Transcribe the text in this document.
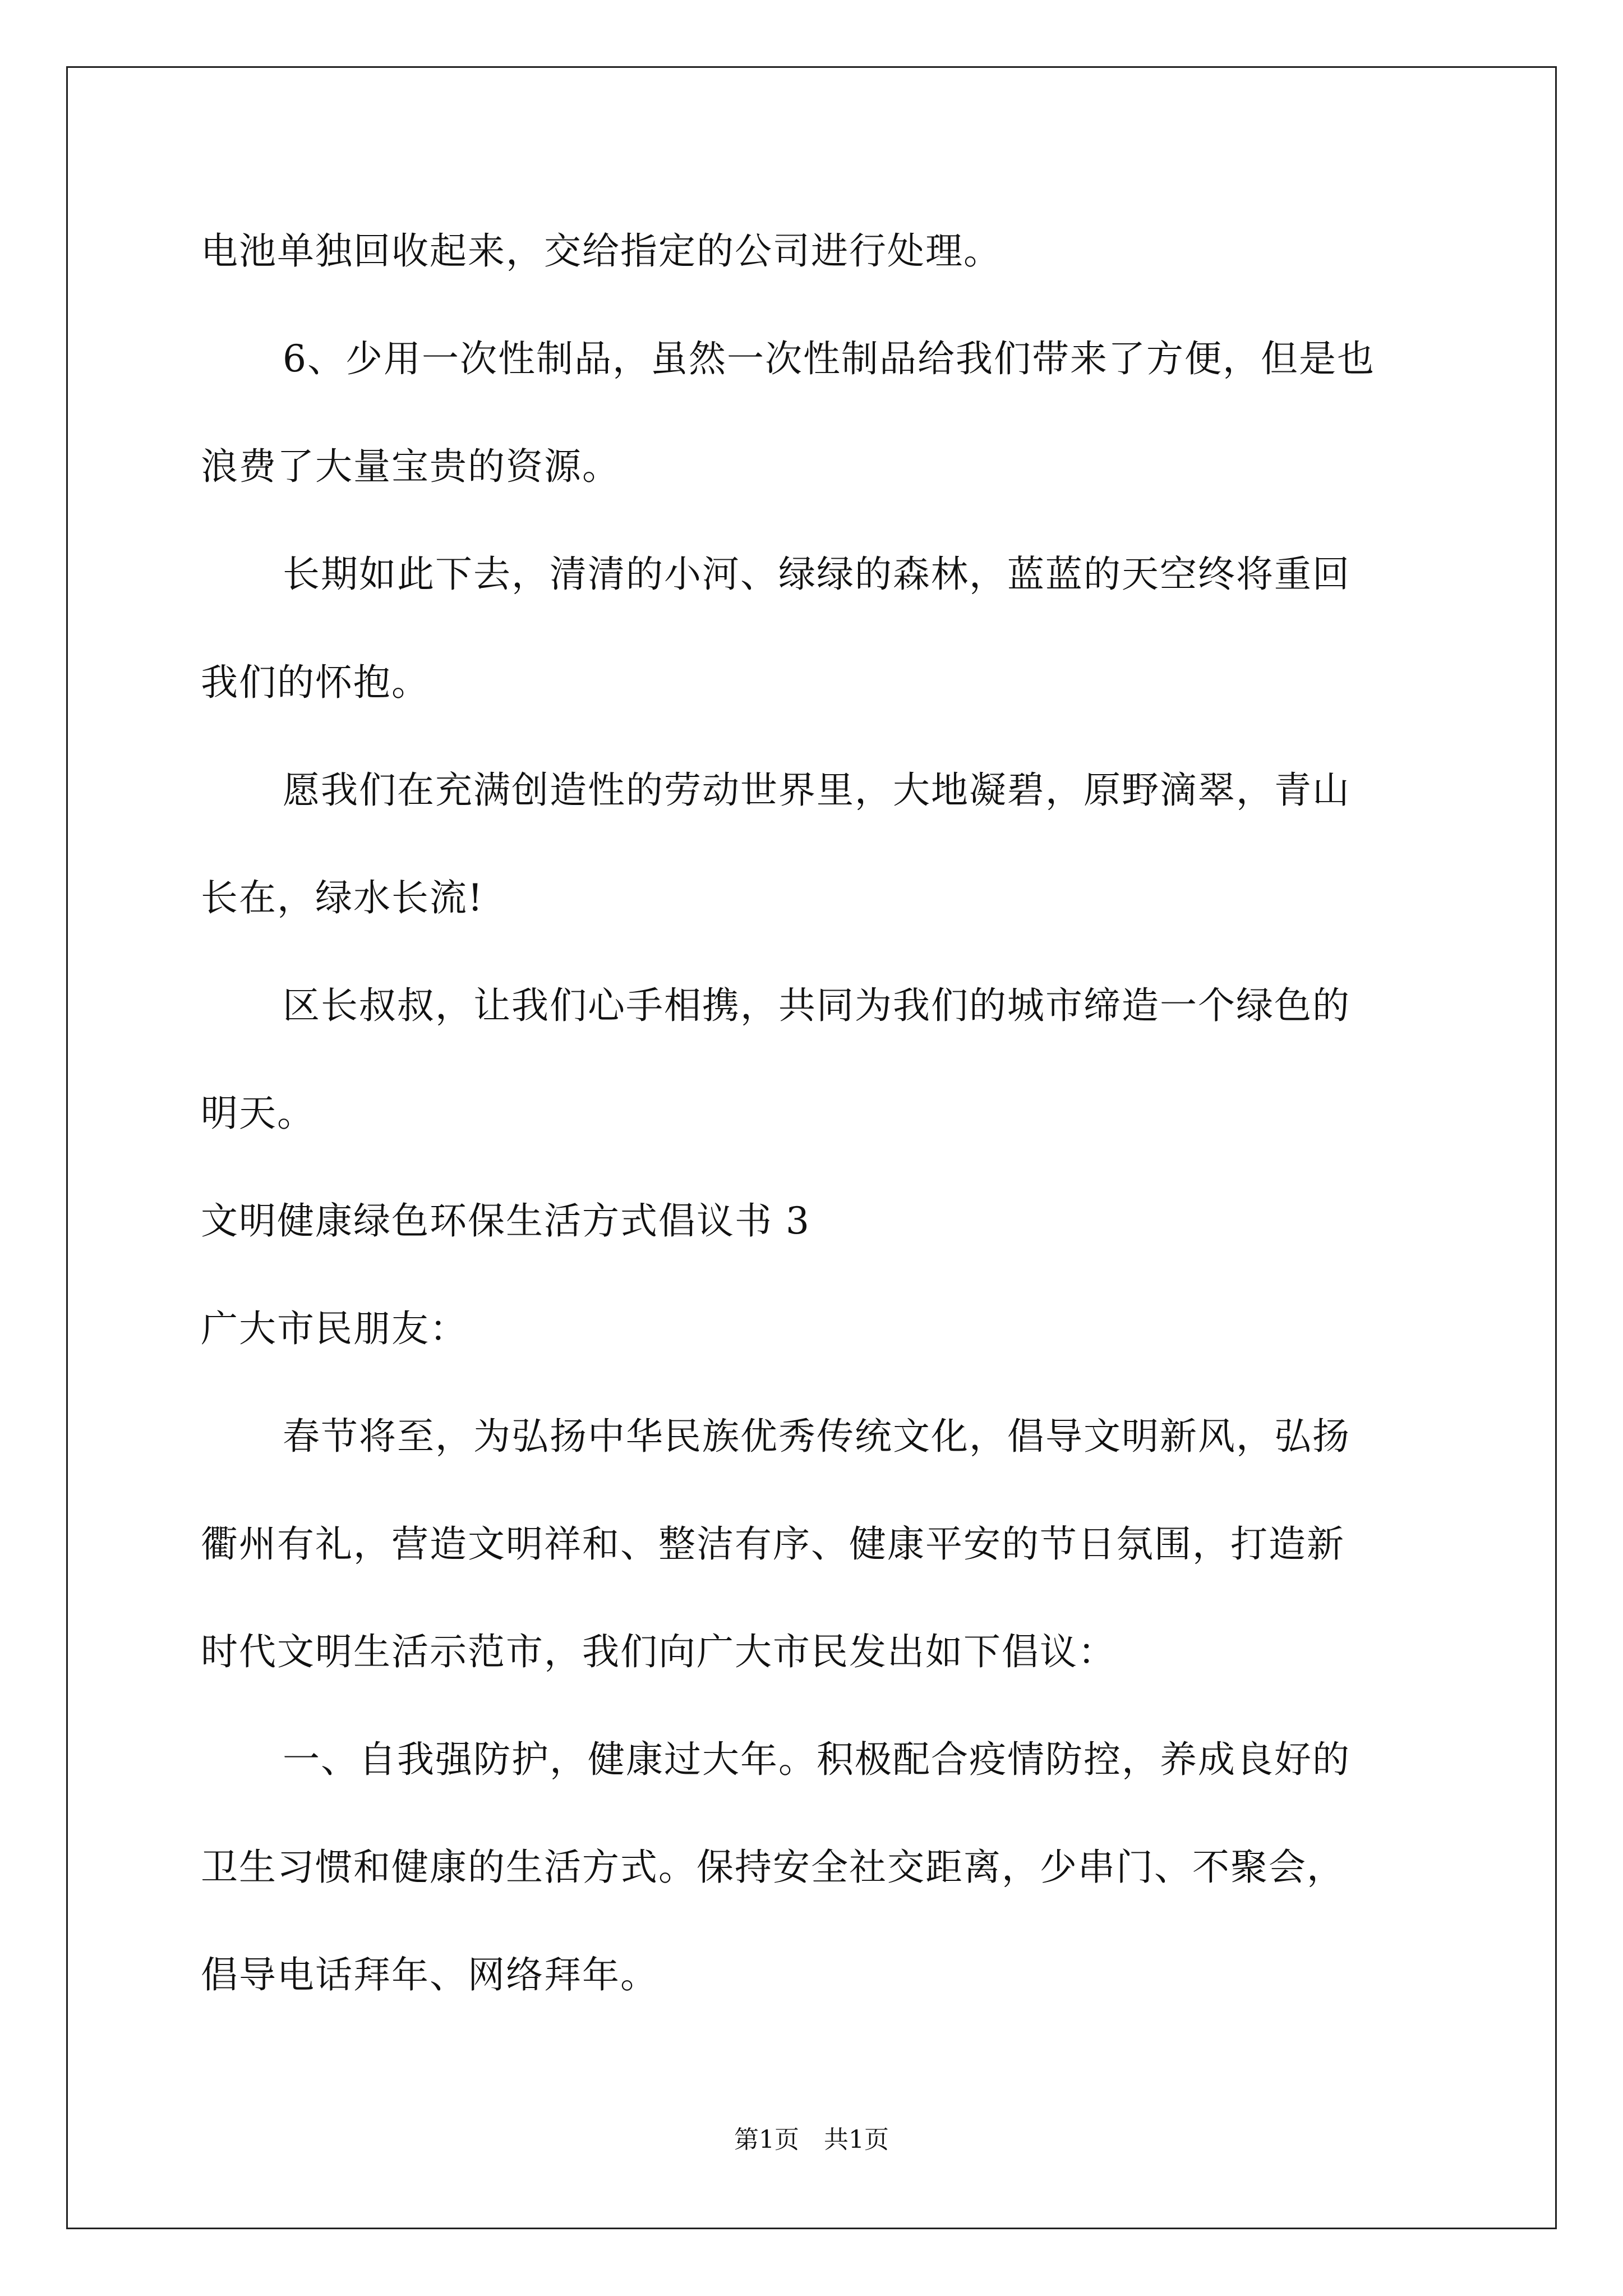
电池单独回收起来，交给指定的公司进行处理。
6、少用一次性制品，虽然一次性制品给我们带来了方便，但是也
浪费了大量宝贵的资源。
长期如此下去，清清的小河、绿绿的森林，蓝蓝的天空终将重回
我们的怀抱。
愿我们在充满创造性的劳动世界里，大地凝碧，原野滴翠，青山
长在，绿水长流!
区长叔叔，让我们心手相携，共同为我们的城市缔造一个绿色的
明天。
文明健康绿色环保生活方式倡议书 3
广大市民朋友：
春节将至，为弘扬中华民族优秀传统文化，倡导文明新风，弘扬
衢州有礼，营造文明祥和、整洁有序、健康平安的节日氛围，打造新
时代文明生活示范市，我们向广大市民发出如下倡议：
一、自我强防护，健康过大年。积极配合疫情防控，养成良好的
卫生习惯和健康的生活方式。保持安全社交距离，少串门、不聚会，
倡导电话拜年、网络拜年。
第1页　共1页
